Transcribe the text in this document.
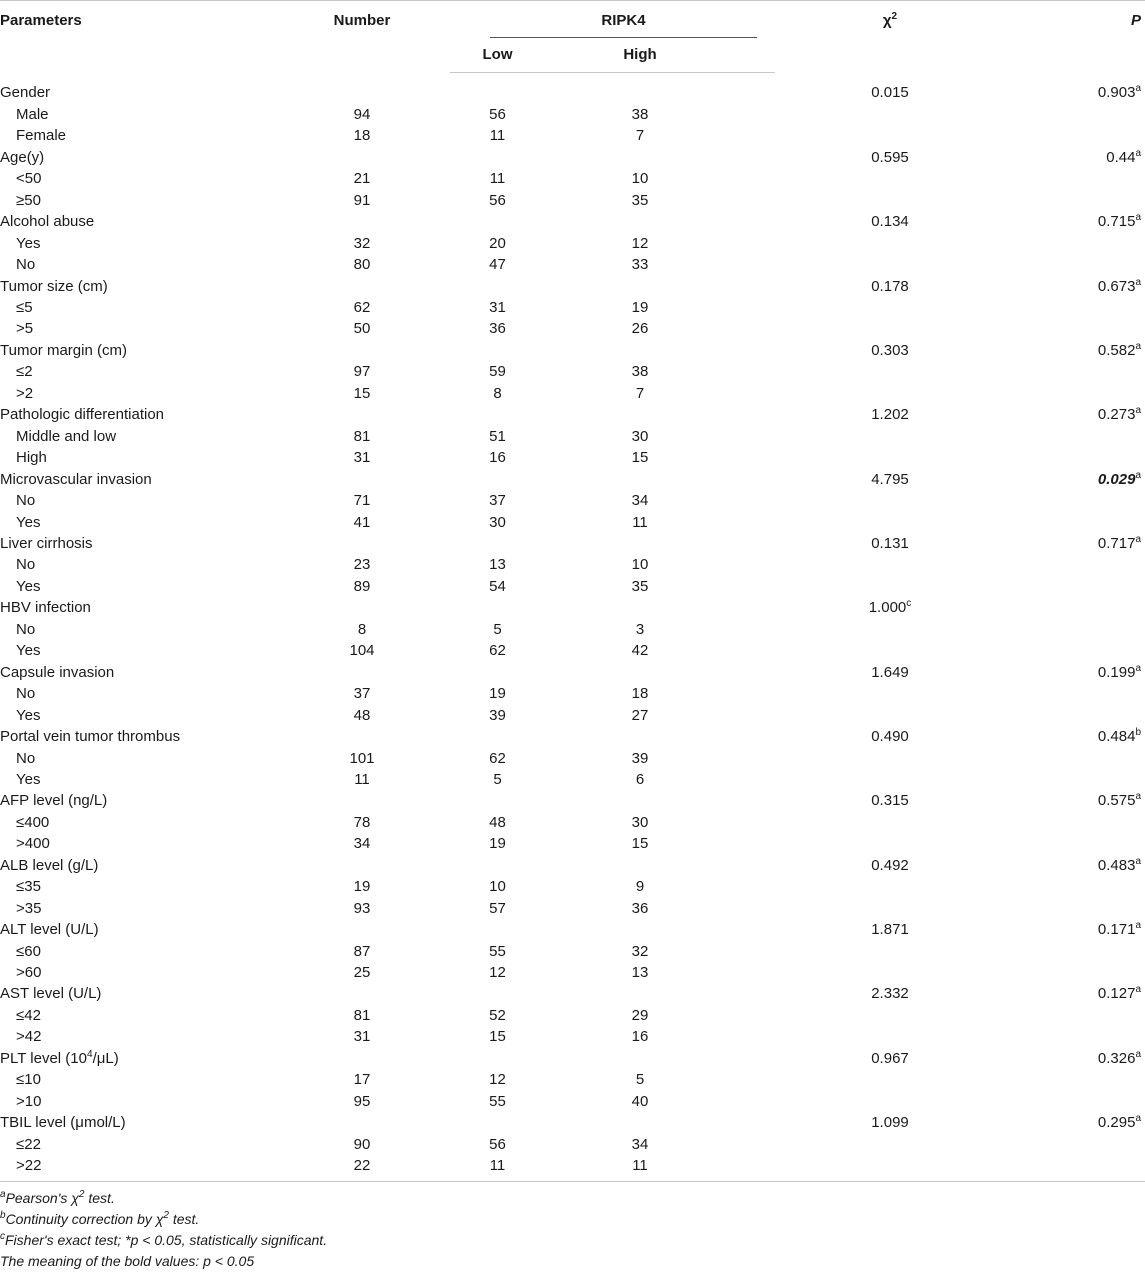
Parameters	Number	RIPK4		$\chi^2$	P
		Low	High		
Gender				0.015	0.903$^a$
Male	94	56	38		
Female	18	11	7		
Age(y)				0.595	0.44$^a$
<50	21	11	10		
≥50	91	56	35		
Alcohol abuse				0.134	0.715$^a$
Yes	32	20	12		
No	80	47	33		
Tumor size (cm)				0.178	0.673$^a$
≤5	62	31	19		
>5	50	36	26		
Tumor margin (cm)				0.303	0.582$^a$
≤2	97	59	38		
>2	15	8	7		
Pathologic differentiation				1.202	0.273$^a$
Middle and low	81	51	30		
High	31	16	15		
Microvascular invasion				4.795	0.029$^a$
No	71	37	34		
Yes	41	30	11		
Liver cirrhosis				0.131	0.717$^a$
No	23	13	10		
Yes	89	54	35		
HBV infection				1.000$^c$	
No	8	5	3		
Yes	104	62	42		
Capsule invasion				1.649	0.199$^a$
No	37	19	18		
Yes	48	39	27		
Portal vein tumor thrombus				0.490	0.484$^b$
No	101	62	39		
Yes	11	5	6		
AFP level (ng/L)				0.315	0.575$^a$
≤400	78	48	30		
>400	34	19	15		
ALB level (g/L)				0.492	0.483$^a$
≤35	19	10	9		
>35	93	57	36		
ALT level (U/L)				1.871	0.171$^a$
≤60	87	55	32		
>60	25	12	13		
AST level (U/L)				2.332	0.127$^a$
≤42	81	52	29		
>42	31	15	16		
PLT level $(10^4/\mu L)$				0.967	0.326$^a$
≤10	17	12	5		
>10	95	55	40		
TBIL level (μmol/L)				1.099	0.295$^a$
≤22	90	56	34		
>22	22	11	11		
$^a$Pearson's $\chi^2$ test.
$^b$Continuity correction by $\chi^2$ test.
$^c$Fisher's exact test; *p < 0.05, statistically significant.
The meaning of the bold values: p < 0.05
